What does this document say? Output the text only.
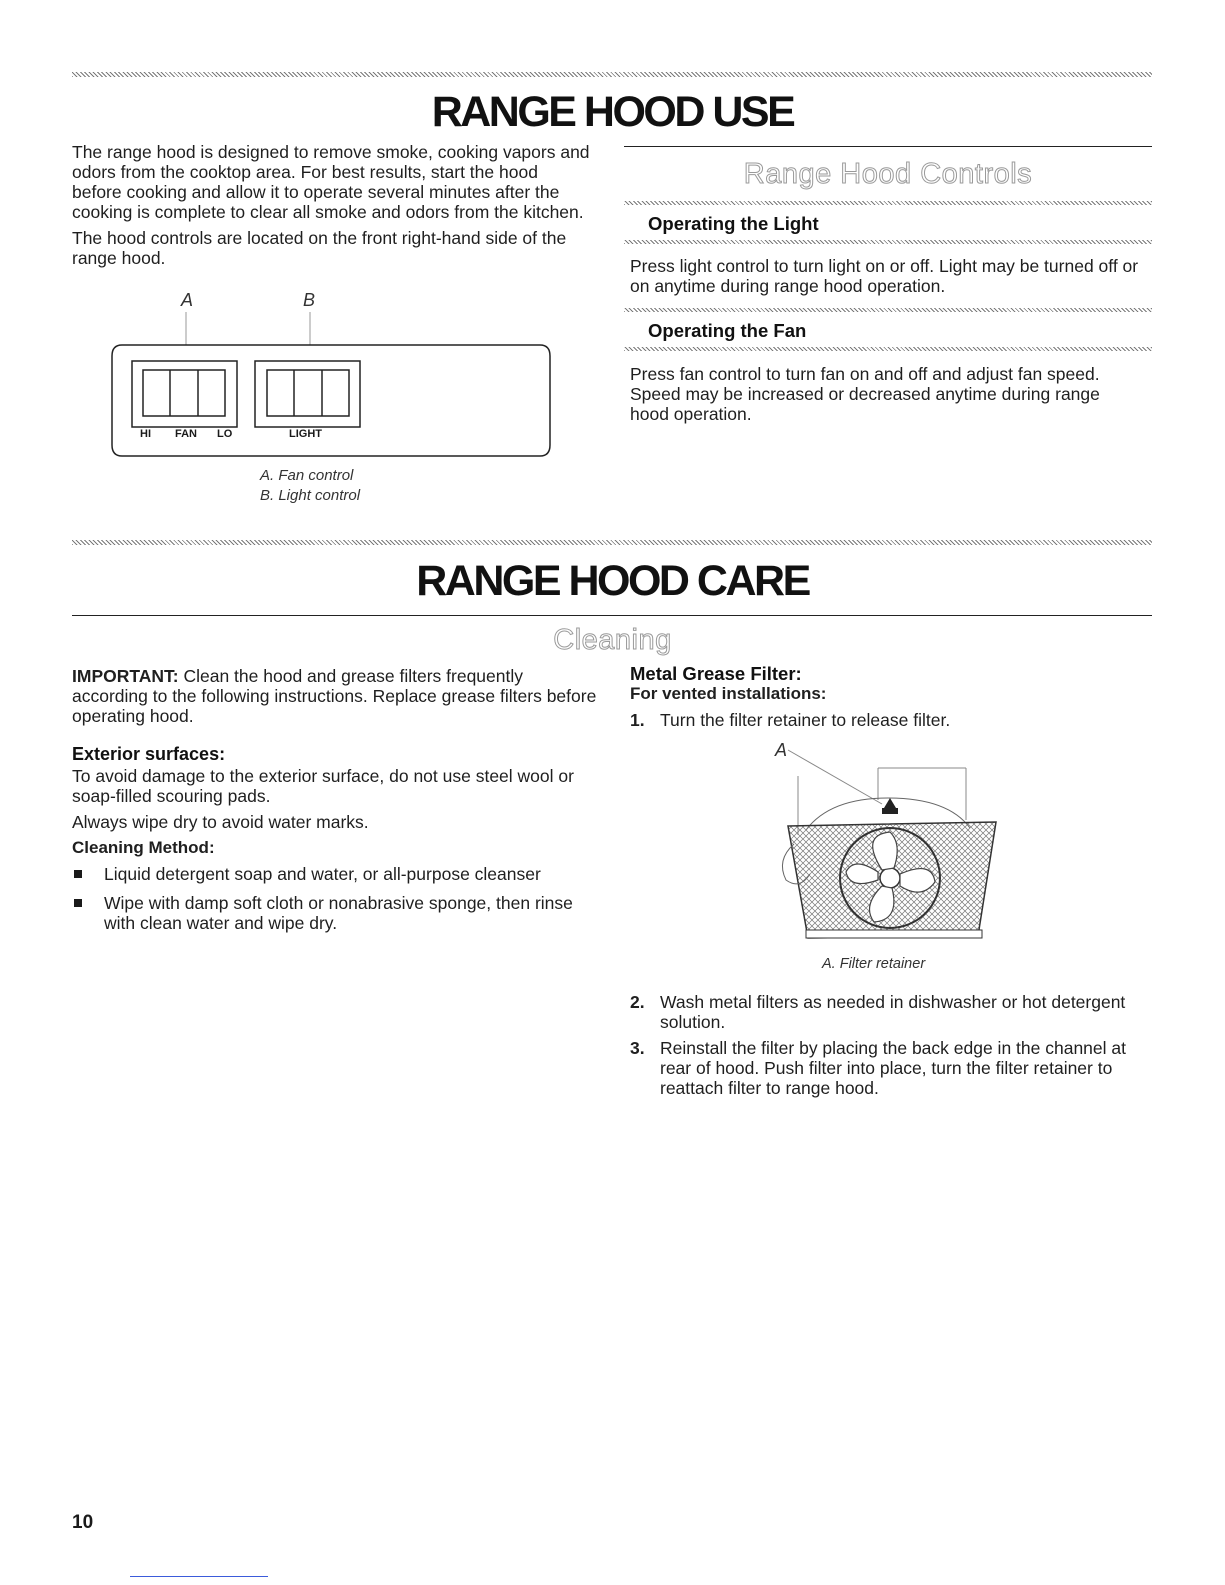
RANGE HOOD USE

The range hood is designed to remove smoke, cooking vapors and odors from the cooktop area. For best results, start the hood before cooking and allow it to operate several minutes after the cooking is complete to clear all smoke and odors from the kitchen.

The hood controls are located on the front right-hand side of the range hood.

A	B
HI FAN LO	LIGHT
A. Fan control
B. Light control
Range Hood Controls
Operating the Light
Press light control to turn light on or off. Light may be turned off or on anytime during range hood operation.
Operating the Fan
Press fan control to turn fan on and off and adjust fan speed. Speed may be increased or decreased anytime during range hood operation.
RANGE HOOD CARE
Cleaning

IMPORTANT: Clean the hood and grease filters frequently according to the following instructions. Replace grease filters before operating hood.

Exterior surfaces:

To avoid damage to the exterior surface, do not use steel wool or soap-filled scouring pads.

Always wipe dry to avoid water marks.

Cleaning Method:
Liquid detergent soap and water, or all-purpose cleanser
Wipe with damp soft cloth or nonabrasive sponge, then rinse with clean water and wipe dry.
Metal Grease Filter:
For vented installations:
1. Turn the filter retainer to release filter.
A
A. Filter retainer
2. Wash metal filters as needed in dishwasher or hot detergent solution.
3. Reinstall the filter by placing the back edge in the channel at rear of hood. Push filter into place, turn the filter retainer to reattach filter to range hood.
10
